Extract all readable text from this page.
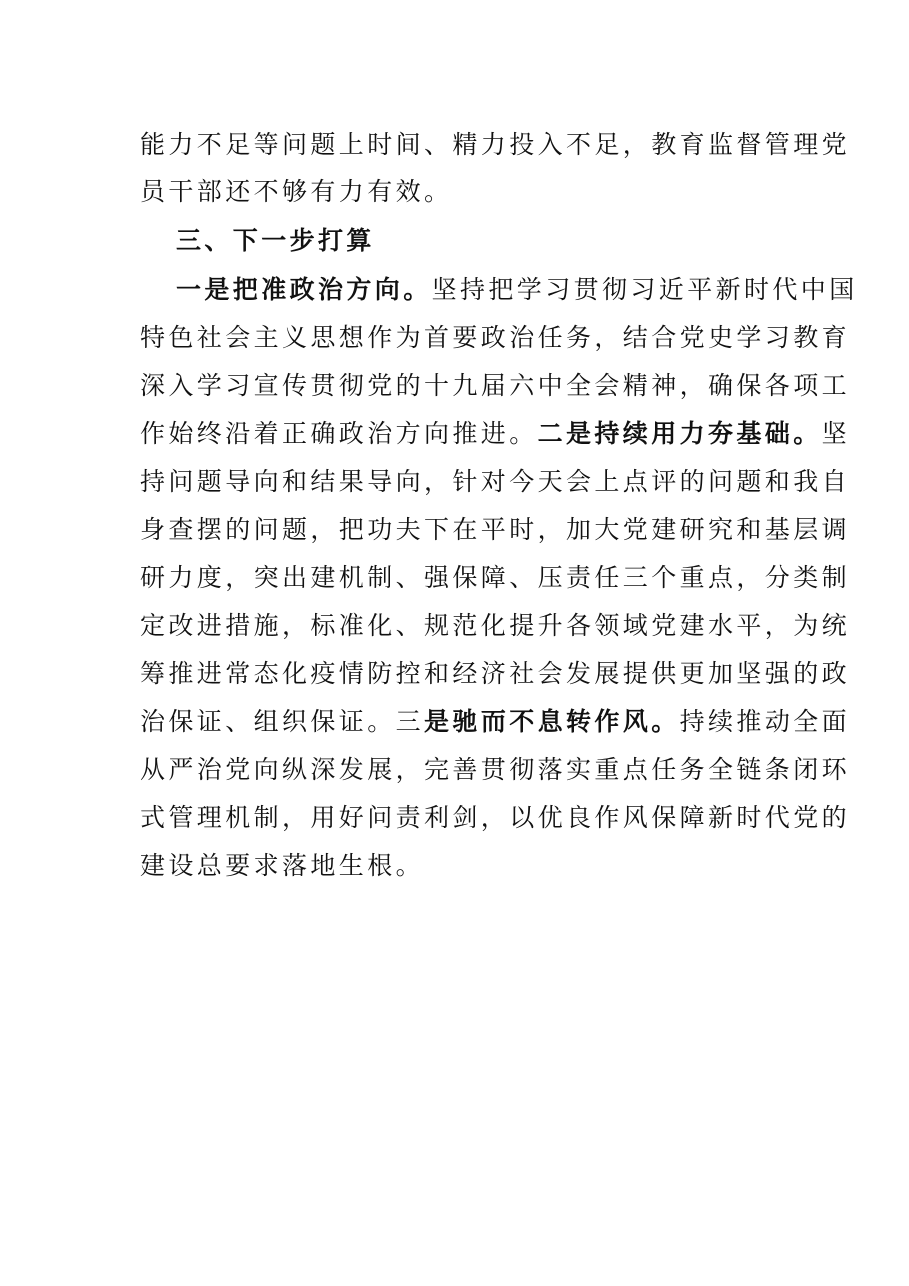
能力不足等问题上时间、精力投入不足，教育监督管理党
员干部还不够有力有效。
三、下一步打算
一是把准政治方向。坚持把学习贯彻习近平新时代中国
特色社会主义思想作为首要政治任务，结合党史学习教育
深入学习宣传贯彻党的十九届六中全会精神，确保各项工
作始终沿着正确政治方向推进。二是持续用力夯基础。坚
持问题导向和结果导向，针对今天会上点评的问题和我自
身查摆的问题，把功夫下在平时，加大党建研究和基层调
研力度，突出建机制、强保障、压责任三个重点，分类制
定改进措施，标准化、规范化提升各领域党建水平，为统
筹推进常态化疫情防控和经济社会发展提供更加坚强的政
治保证、组织保证。三是驰而不息转作风。持续推动全面
从严治党向纵深发展，完善贯彻落实重点任务全链条闭环
式管理机制，用好问责利剑，以优良作风保障新时代党的
建设总要求落地生根。
